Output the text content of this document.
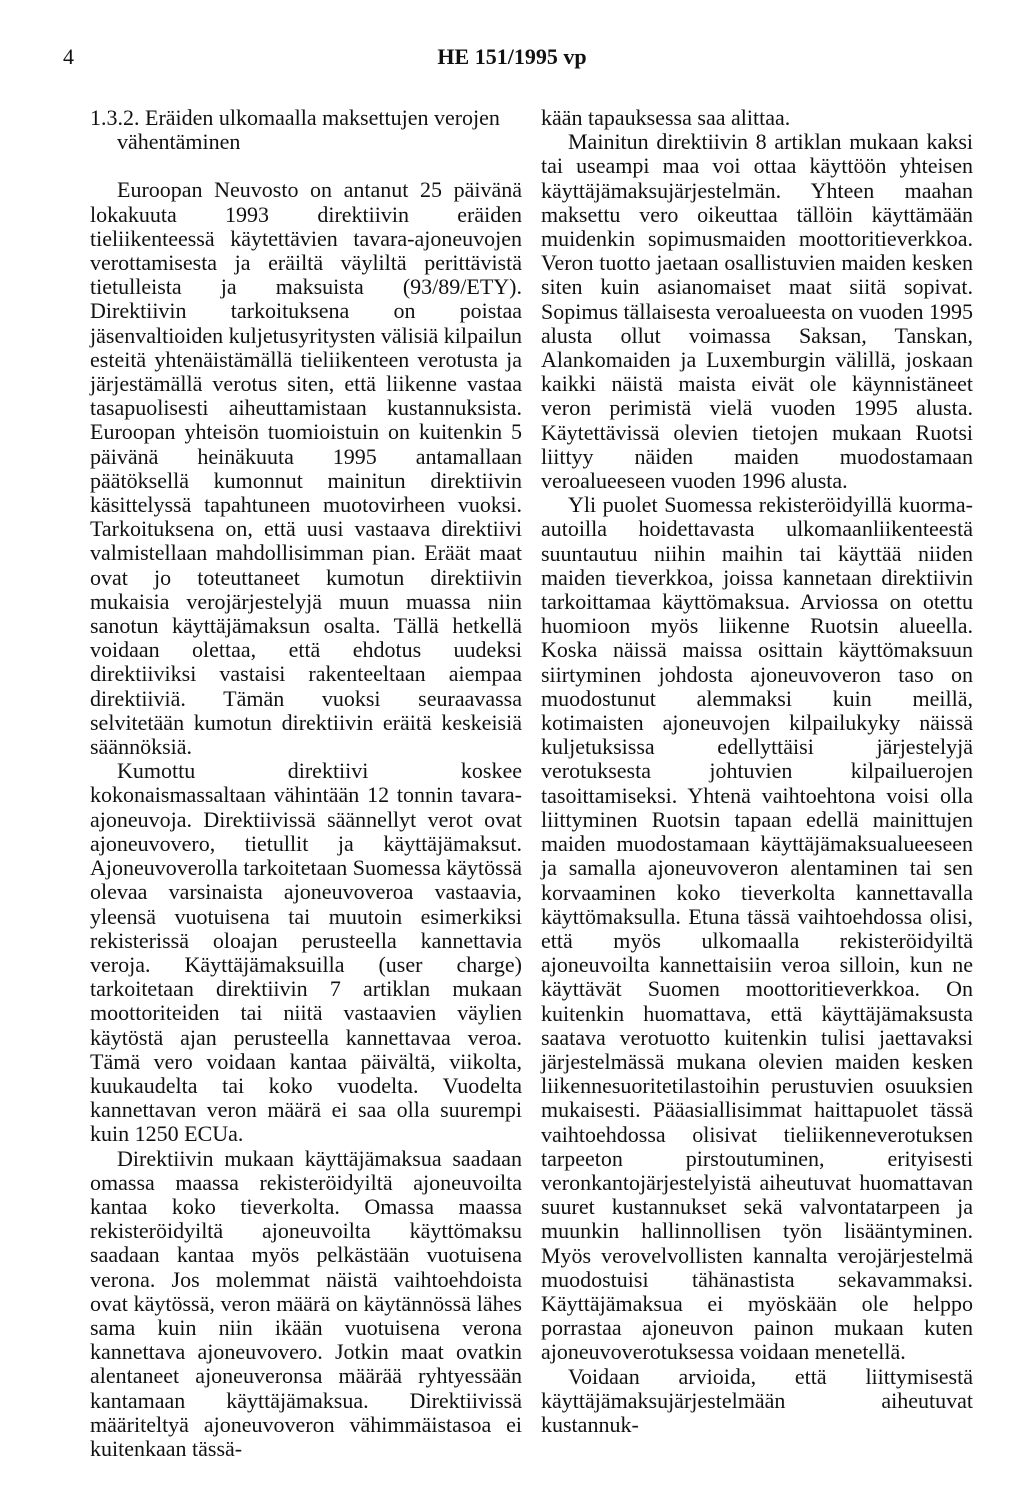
4	HE 151/1995 vp

1.3.2. Eräiden ulkomaalla maksettujen verojen vähentäminen

Euroopan Neuvosto on antanut 25 päivänä lokakuuta 1993 direktiivin eräiden tieliikenteessä käytettävien tavara-ajoneuvojen verottamisesta ja eräiltä väyliltä perittävistä tietulleista ja maksuista (93/89/ETY). Direktiivin tarkoituksena on poistaa jäsenvaltioiden kuljetusyritysten välisiä kilpailun esteitä yhtenäistämällä tieliikenteen verotusta ja järjestämällä verotus siten, että liikenne vastaa tasapuolisesti aiheuttamistaan kustannuksista. Euroopan yhteisön tuomioistuin on kuitenkin 5 päivänä heinäkuuta 1995 antamallaan päätöksellä kumonnut mainitun direktiivin käsittelyssä tapahtuneen muotovirheen vuoksi. Tarkoituksena on, että uusi vastaava direktiivi valmistellaan mahdollisimman pian. Eräät maat ovat jo toteuttaneet kumotun direktiivin mukaisia verojärjestelyjä muun muassa niin sanotun käyttäjämaksun osalta. Tällä hetkellä voidaan olettaa, että ehdotus uudeksi direktiiviksi vastaisi rakenteeltaan aiempaa direktiiviä. Tämän vuoksi seuraavassa selvitetään kumotun direktiivin eräitä keskeisiä säännöksiä.

Kumottu direktiivi koskee kokonaismassaltaan vähintään 12 tonnin tavara-ajoneuvoja. Direktiivissä säännellyt verot ovat ajoneuvovero, tietullit ja käyttäjämaksut. Ajoneuvoverolla tarkoitetaan Suomessa käytössä olevaa varsinaista ajoneuvoveroa vastaavia, yleensä vuotuisena tai muutoin esimerkiksi rekisterissä oloajan perusteella kannettavia veroja. Käyttäjämaksuilla (user charge) tarkoitetaan direktiivin 7 artiklan mukaan moottoriteiden tai niitä vastaavien väylien käytöstä ajan perusteella kannettavaa veroa. Tämä vero voidaan kantaa päivältä, viikolta, kuukaudelta tai koko vuodelta. Vuodelta kannettavan veron määrä ei saa olla suurempi kuin 1250 ECUa.

Direktiivin mukaan käyttäjämaksua saadaan omassa maassa rekisteröidyiltä ajoneuvoilta kantaa koko tieverkolta. Omassa maassa rekisteröidyiltä ajoneuvoilta käyttömaksu saadaan kantaa myös pelkästään vuotuisena verona. Jos molemmat näistä vaihtoehdoista ovat käytössä, veron määrä on käytännössä lähes sama kuin niin ikään vuotuisena verona kannettava ajoneuvovero. Jotkin maat ovatkin alentaneet ajoneuveronsa määrää ryhtyessään kantamaan käyttäjämaksua. Direktiivissä määriteltyä ajoneuvoveron vähimmäistasoa ei kuitenkaan tässä-

kään tapauksessa saa alittaa.

Mainitun direktiivin 8 artiklan mukaan kaksi tai useampi maa voi ottaa käyttöön yhteisen käyttäjämaksujärjestelmän. Yhteen maahan maksettu vero oikeuttaa tällöin käyttämään muidenkin sopimusmaiden moottoritieverkkoa. Veron tuotto jaetaan osallistuvien maiden kesken siten kuin asianomaiset maat siitä sopivat. Sopimus tällaisesta veroalueesta on vuoden 1995 alusta ollut voimassa Saksan, Tanskan, Alankomaiden ja Luxemburgin välillä, joskaan kaikki näistä maista eivät ole käynnistäneet veron perimistä vielä vuoden 1995 alusta. Käytettävissä olevien tietojen mukaan Ruotsi liittyy näiden maiden muodostamaan veroalueeseen vuoden 1996 alusta.

Yli puolet Suomessa rekisteröidyillä kuorma-autoilla hoidettavasta ulkomaanliikenteestä suuntautuu niihin maihin tai käyttää niiden maiden tieverkkoa, joissa kannetaan direktiivin tarkoittamaa käyttömaksua. Arviossa on otettu huomioon myös liikenne Ruotsin alueella. Koska näissä maissa osittain käyttömaksuun siirtyminen johdosta ajoneuvoveron taso on muodostunut alemmaksi kuin meillä, kotimaisten ajoneuvojen kilpailukyky näissä kuljetuksissa edellyttäisi järjestelyjä verotuksesta johtuvien kilpailuerojen tasoittamiseksi. Yhtenä vaihtoehtona voisi olla liittyminen Ruotsin tapaan edellä mainittujen maiden muodostamaan käyttäjämaksualueeseen ja samalla ajoneuvoveron alentaminen tai sen korvaaminen koko tieverkolta kannettavalla käyttömaksulla. Etuna tässä vaihtoehdossa olisi, että myös ulkomaalla rekisteröidyiltä ajoneuvoilta kannettaisiin veroa silloin, kun ne käyttävät Suomen moottoritieverkkoa. On kuitenkin huomattava, että käyttäjämaksusta saatava verotuotto kuitenkin tulisi jaettavaksi järjestelmässä mukana olevien maiden kesken liikennesuoritetilastoihin perustuvien osuuksien mukaisesti. Pääasiallisimmat haittapuolet tässä vaihtoehdossa olisivat tieliikenneverotuksen tarpeeton pirstoutuminen, erityisesti veronkantojärjestelyistä aiheutuvat huomattavan suuret kustannukset sekä valvontatarpeen ja muunkin hallinnollisen työn lisääntyminen. Myös verovelvollisten kannalta verojärjestelmä muodostuisi tähänastista sekavammaksi. Käyttäjämaksua ei myöskään ole helppo porrastaa ajoneuvon painon mukaan kuten ajoneuvoverotuksessa voidaan menetellä.

Voidaan arvioida, että liittymisestä käyttäjämaksujärjestelmään aiheutuvat kustannuk-
